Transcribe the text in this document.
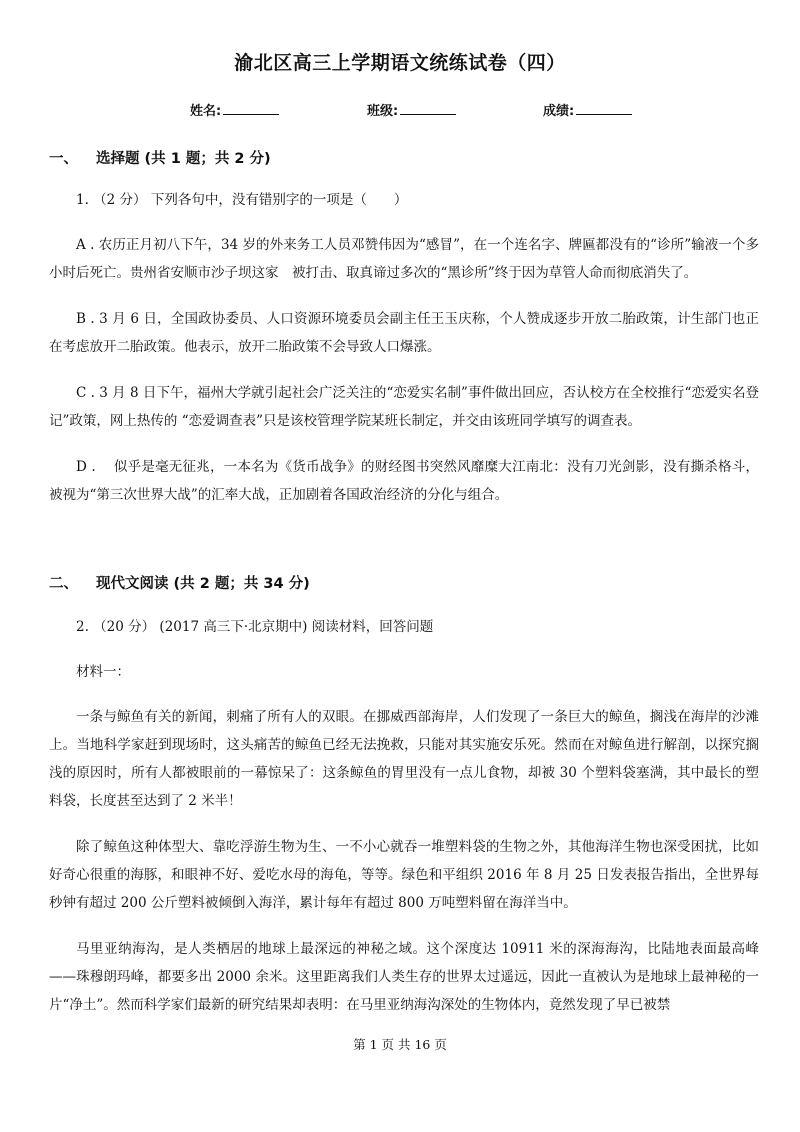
渝北区高三上学期语文统练试卷（四）
姓名:	班级:	成绩:
一、 选择题 (共 1 题；共 2 分)

1. （2 分） 下列各句中，没有错别字的一项是（　　）

A . 农历正月初八下午，34 岁的外来务工人员邓赞伟因为“感冒”，在一个连名字、牌匾都没有的“诊所”输液一个多小时后死亡。贵州省安顺市沙子坝这家　被打击、取真谛过多次的“黑诊所”终于因为草管人命而彻底消失了。

B . 3 月 6 日，全国政协委员、人口资源环境委员会副主任王玉庆称，个人赞成逐步开放二胎政策，计生部门也正在考虑放开二胎政策。他表示，放开二胎政策不会导致人口爆涨。

C . 3 月 8 日下午，福州大学就引起社会广泛关注的“恋爱实名制”事件做出回应，否认校方在全校推行“恋爱实名登记”政策，网上热传的 “恋爱调查表”只是该校管理学院某班长制定，并交由该班同学填写的调查表。

D . 　似乎是毫无征兆，一本名为《货币战争》的财经图书突然风靡糜大江南北：没有刀光剑影，没有撕杀格斗，被视为“第三次世界大战”的汇率大战，正加剧着各国政治经济的分化与组合。

二、 现代文阅读 (共 2 题；共 34 分)

2. （20 分） (2017 高三下·北京期中) 阅读材料，回答问题

材料一：

一条与鲸鱼有关的新闻，刺痛了所有人的双眼。在挪威西部海岸，人们发现了一条巨大的鲸鱼，搁浅在海岸的沙滩上。当地科学家赶到现场时，这头痛苦的鲸鱼已经无法挽救，只能对其实施安乐死。然而在对鲸鱼进行解剖，以探究搁浅的原因时，所有人都被眼前的一幕惊呆了：这条鲸鱼的胃里没有一点儿食物，却被 30 个塑料袋塞满，其中最长的塑料袋，长度甚至达到了 2 米半！

除了鲸鱼这种体型大、靠吃浮游生物为生、一不小心就吞一堆塑料袋的生物之外，其他海洋生物也深受困扰，比如好奇心很重的海豚，和眼神不好、爱吃水母的海龟，等等。绿色和平组织 2016 年 8 月 25 日发表报告指出，全世界每秒钟有超过 200 公斤塑料被倾倒入海洋，累计每年有超过 800 万吨塑料留在海洋当中。

马里亚纳海沟，是人类栖居的地球上最深远的神秘之域。这个深度达 10911 米的深海海沟，比陆地表面最高峰——珠穆朗玛峰，都要多出 2000 余米。这里距离我们人类生存的世界太过遥远，因此一直被认为是地球上最神秘的一片“净土”。然而科学家们最新的研究结果却表明：在马里亚纳海沟深处的生物体内，竟然发现了早已被禁

第 1 页 共 16 页
